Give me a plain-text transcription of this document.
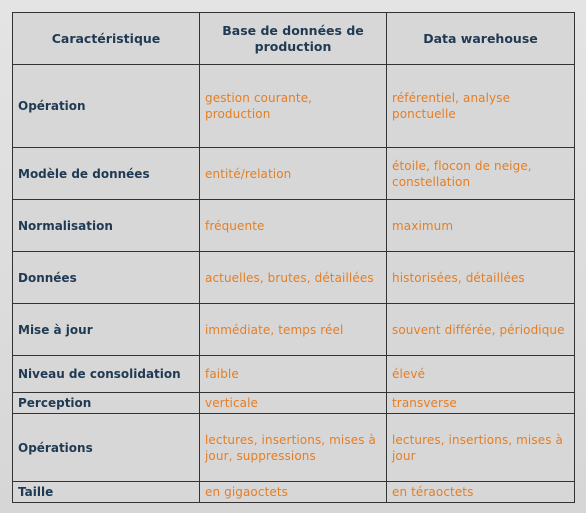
Caractéristique	Base de données de production	Data warehouse
Opération	gestion courante, production	référentiel, analyse ponctuelle
Modèle de données	entité/relation	étoile, flocon de neige, constellation
Normalisation	fréquente	maximum
Données	actuelles, brutes, détaillées	historisées, détaillées
Mise à jour	immédiate, temps réel	souvent différée, périodique
Niveau de consolidation	faible	élevé
Perception	verticale	transverse
Opérations	lectures, insertions, mises à jour, suppressions	lectures, insertions, mises à jour
Taille	en gigaoctets	en téraoctets
